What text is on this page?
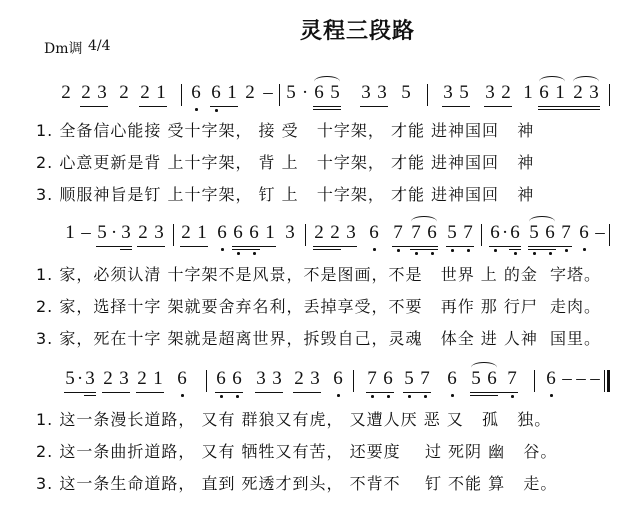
灵程三段路
Dm调 4/4
2 2 3 2 2 1 6 6 1 2 – 5 · 6 5 3 3 5 3 5 3 2 1 6 1 2 3
1. 全备信心能接 受十字架， 接 受   十字架， 才能 进神国回   神
2. 心意更新是背 上十字架， 背 上   十字架， 才能 进神国回   神
3. 顺服神旨是钉 上十字架， 钉 上   十字架， 才能 进神国回   神
1 – 5 · 3 2 3 2 1 6 6 6 1 3 2 2 3 6 7 7 6 5 7 6 · 6 5 6 7 6 –
1. 家，必须认清 十字架不是风景，不是图画，不是   世界 上 的金  字塔。
2. 家，选择十字 架就要舍弃名利，丢掉享受，不要   再作 那 行尸  走肉。
3. 家，死在十字 架就是超离世界，拆毁自己，灵魂   体全 进 人神  国里。
5 · 3 2 3 2 1 6 6 6 3 3 2 3 6 7 6 5 7 6 5 6 7 6 – – –
1. 这一条漫长道路， 又有 群狼又有虎， 又遭人厌 恶 又   孤   独。
2. 这一条曲折道路， 又有 牺牲又有苦， 还要度    过 死阴 幽   谷。
3. 这一条生命道路， 直到 死透才到头， 不背不    钉 不能 算   走。
